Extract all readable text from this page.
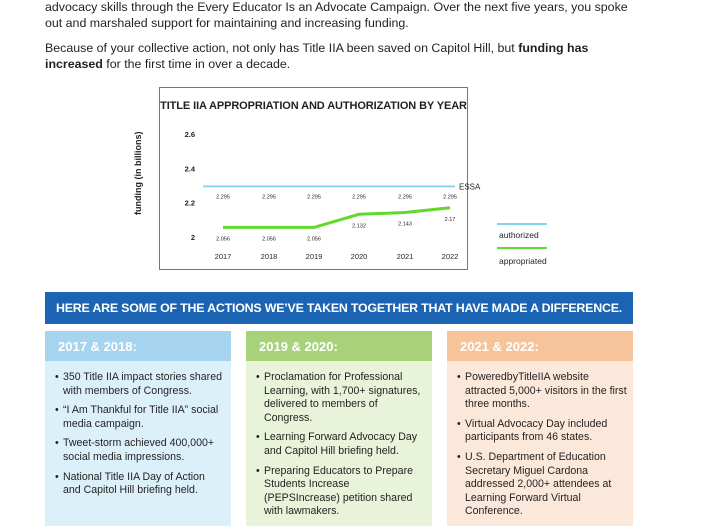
advocacy skills through the Every Educator Is an Advocate Campaign. Over the next five years, you spoke out and marshaled support for maintaining and increasing funding.

Because of your collective action, not only has Title IIA been saved on Capitol Hill, but funding has increased for the first time in over a decade.

TITLE IIA APPROPRIATION AND AUTHORIZATION BY YEAR

funding (in billions)
2
2.2
2.4
2.6
2017	2018	2019	2020	2021	2022
2.295	2.295	2.295	2.295	2.295	2.295
2.056	2.056	2.056
2.132	2.143
2.17
ESSA
authorized
appropriated
HERE ARE SOME OF THE ACTIONS WE’VE TAKEN TOGETHER THAT HAVE MADE A DIFFERENCE.
2017 & 2018:
• 350 Title IIA impact stories shared with members of Congress.
• “I Am Thankful for Title IIA” social media campaign.
• Tweet-storm achieved 400,000+ social media impressions.
• National Title IIA Day of Action and Capitol Hill briefing held.
2019 & 2020:
• Proclamation for Professional Learning, with 1,700+ signatures, delivered to members of Congress.
• Learning Forward Advocacy Day and Capitol Hill briefing held.
• Preparing Educators to Prepare Students Increase (PEPSIncrease) petition shared with lawmakers.
2021 & 2022:
• PoweredbyTitleIIA website attracted 5,000+ visitors in the first three months.
• Virtual Advocacy Day included participants from 46 states.
• U.S. Department of Education Secretary Miguel Cardona addressed 2,000+ attendees at Learning Forward Virtual Conference.
